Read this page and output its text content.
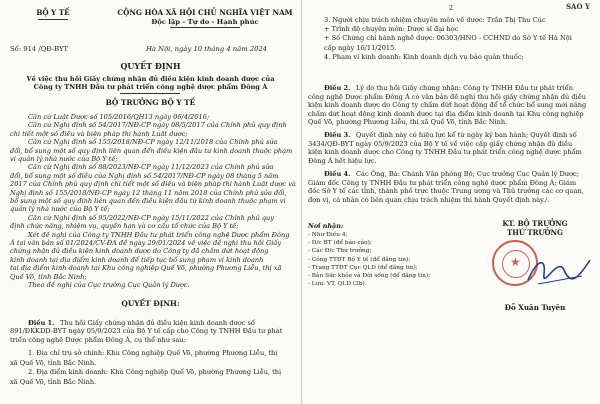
BỘ Y TẾ	CỘNG HÒA XÃ HỘI CHỦ NGHĨA VIỆT NAM
Độc lập - Tự do - Hạnh phúc
Số: 914 /QĐ-BYT	Hà Nội, ngày 10 tháng 4 năm 2024
QUYẾT ĐỊNH
Về việc thu hồi Giấy chứng nhận đủ điều kiện kinh doanh dược của
Công ty TNHH Đầu tư phát triển công nghệ dược phẩm Đông Á
BỘ TRƯỞNG BỘ Y TẾ
Căn cứ Luật Dược số 105/2016/QH13 ngày 06/4/2016;
Căn cứ Nghị định số 54/2017/NĐ-CP ngày 08/5/2017 của Chính phủ quy định
chi tiết một số điều và biện pháp thi hành Luật dược;
Căn cứ Nghị định số 155/2018/NĐ-CP ngày 12/11/2018 của Chính phủ sửa
đổi, bổ sung một số quy định liên quan đến điều kiện đầu tư kinh doanh thuộc phạm
vi quản lý nhà nước của Bộ Y tế;
Căn cứ Nghị định số 88/2023/NĐ-CP ngày 11/12/2023 của Chính phủ sửa
đổi, bổ sung một số điều của Nghị định số 54/2017/NĐ-CP ngày 08 tháng 5 năm
2017 của Chính phủ quy định chi tiết một số điều và biện pháp thi hành Luật dược và
Nghị định số 155/2018/NĐ-CP ngày 12 tháng 11 năm 2018 của Chính phủ sửa đổi,
bổ sung một số quy định liên quan đến điều kiện đầu tư kinh doanh thuộc phạm vi
quản lý nhà nước của Bộ Y tế;
Căn cứ Nghị định số 95/2022/NĐ-CP ngày 15/11/2022 của Chính phủ quy
định chức năng, nhiệm vụ, quyền hạn và cơ cấu tổ chức của Bộ Y tế;
Xét đề nghị của Công ty TNHH Đầu tư phát triển công nghệ Dược phẩm Đông
Á tại văn bản số 01/2024/CV-ĐA đề ngày 29/01/2024 về việc đề nghị thu hồi Giấy
chứng nhận đủ điều kiện kinh doanh dược do Công ty đã chấm dứt hoạt động
kinh doanh tại địa điểm kinh doanh để tiếp tục bổ sung phạm vi kinh doanh
tại địa điểm kinh doanh tại Khu công nghiệp Quế Võ, phường Phương Liễu, thị xã
Quế Võ, tỉnh Bắc Ninh;
Theo đề nghị của Cục trưởng Cục Quản lý Dược.
QUYẾT ĐỊNH:
Điều 1. Thu hồi Giấy chứng nhận đủ điều kiện kinh doanh dược số
891/ĐKKDD-BYT ngày 05/9/2023 của Bộ Y tế cấp cho Công ty TNHH Đầu tư phát
triển công nghệ Dược phẩm Đông Á, cụ thể như sau:
1. Địa chỉ trụ sở chính: Khu Công nghiệp Quế Võ, phường Phương Liễu, thị
xã Quế Võ, tỉnh Bắc Ninh.
2. Địa điểm kinh doanh: Khu Công nghiệp Quế Võ, phường Phương Liễu, thị
xã Quế Võ, tỉnh Bắc Ninh.
2	SAO Y
3. Người chịu trách nhiệm chuyên môn về dược: Trần Thị Thu Cúc
+ Trình độ chuyên môn: Dược sĩ đại học
+ Số Chứng chỉ hành nghề dược: 06303/HNO - CCHND do Sở Y tế Hà Nội
cấp ngày 16/11/2015.
4. Phạm vi kinh doanh: Kinh doanh dịch vụ bảo quản thuốc;
Điều 2. Lý do thu hồi Giấy chứng nhận: Công ty TNHH Đầu tư phát triển
công nghệ Dược phẩm Đông Á có văn bản đề nghị thu hồi giấy chứng nhận đủ điều
kiện kinh doanh dược do Công ty chấm dứt hoạt động để tổ chức bổ sung mới nâng
chấm dứt hoạt động kinh doanh dược tại địa điểm kinh doanh tại Khu công nghiệp
Quế Võ, phường Phương Liễu, thị xã Quế Võ, tỉnh Bắc Ninh.
Điều 3. Quyết định này có hiệu lực kể từ ngày ký ban hành; Quyết định số
3434/QĐ-BYT ngày 05/9/2023 của Bộ Y tế về việc cấp giấy chứng nhận đủ điều
kiện kinh doanh dược cho Công ty TNHH Đầu tư phát triển công nghệ dược phẩm
Đông Á hết hiệu lực.
Điều 4. Các Ông, Bà: Chánh Văn phòng Bộ; Cục trưởng Cục Quản lý Dược;
Giám đốc Công ty TNHH Đầu tư phát triển công nghệ dược phẩm Đông Á; Giám
đốc Sở Y tế các tỉnh, thành phố trực thuộc Trung ương và Thủ trưởng các cơ quan,
đơn vị, cá nhân có liên quan chịu trách nhiệm thi hành Quyết định này./.
Nơi nhận:
- Như Điều 4;
- Đ/c BT (để báo cáo);
- Các Đ/c Thứ trưởng;
- Công TTĐT Bộ Y tế (để đăng tin);
- Trang TTĐT Cục QLD (để đăng tin);
- Bản Sức khỏe và Đời sống (để đăng tin);
- Lưu: VT, QLD (2b).
KT. BỘ TRƯỞNG
THỨ TRƯỞNG
★
Đỗ Xuân Tuyên
